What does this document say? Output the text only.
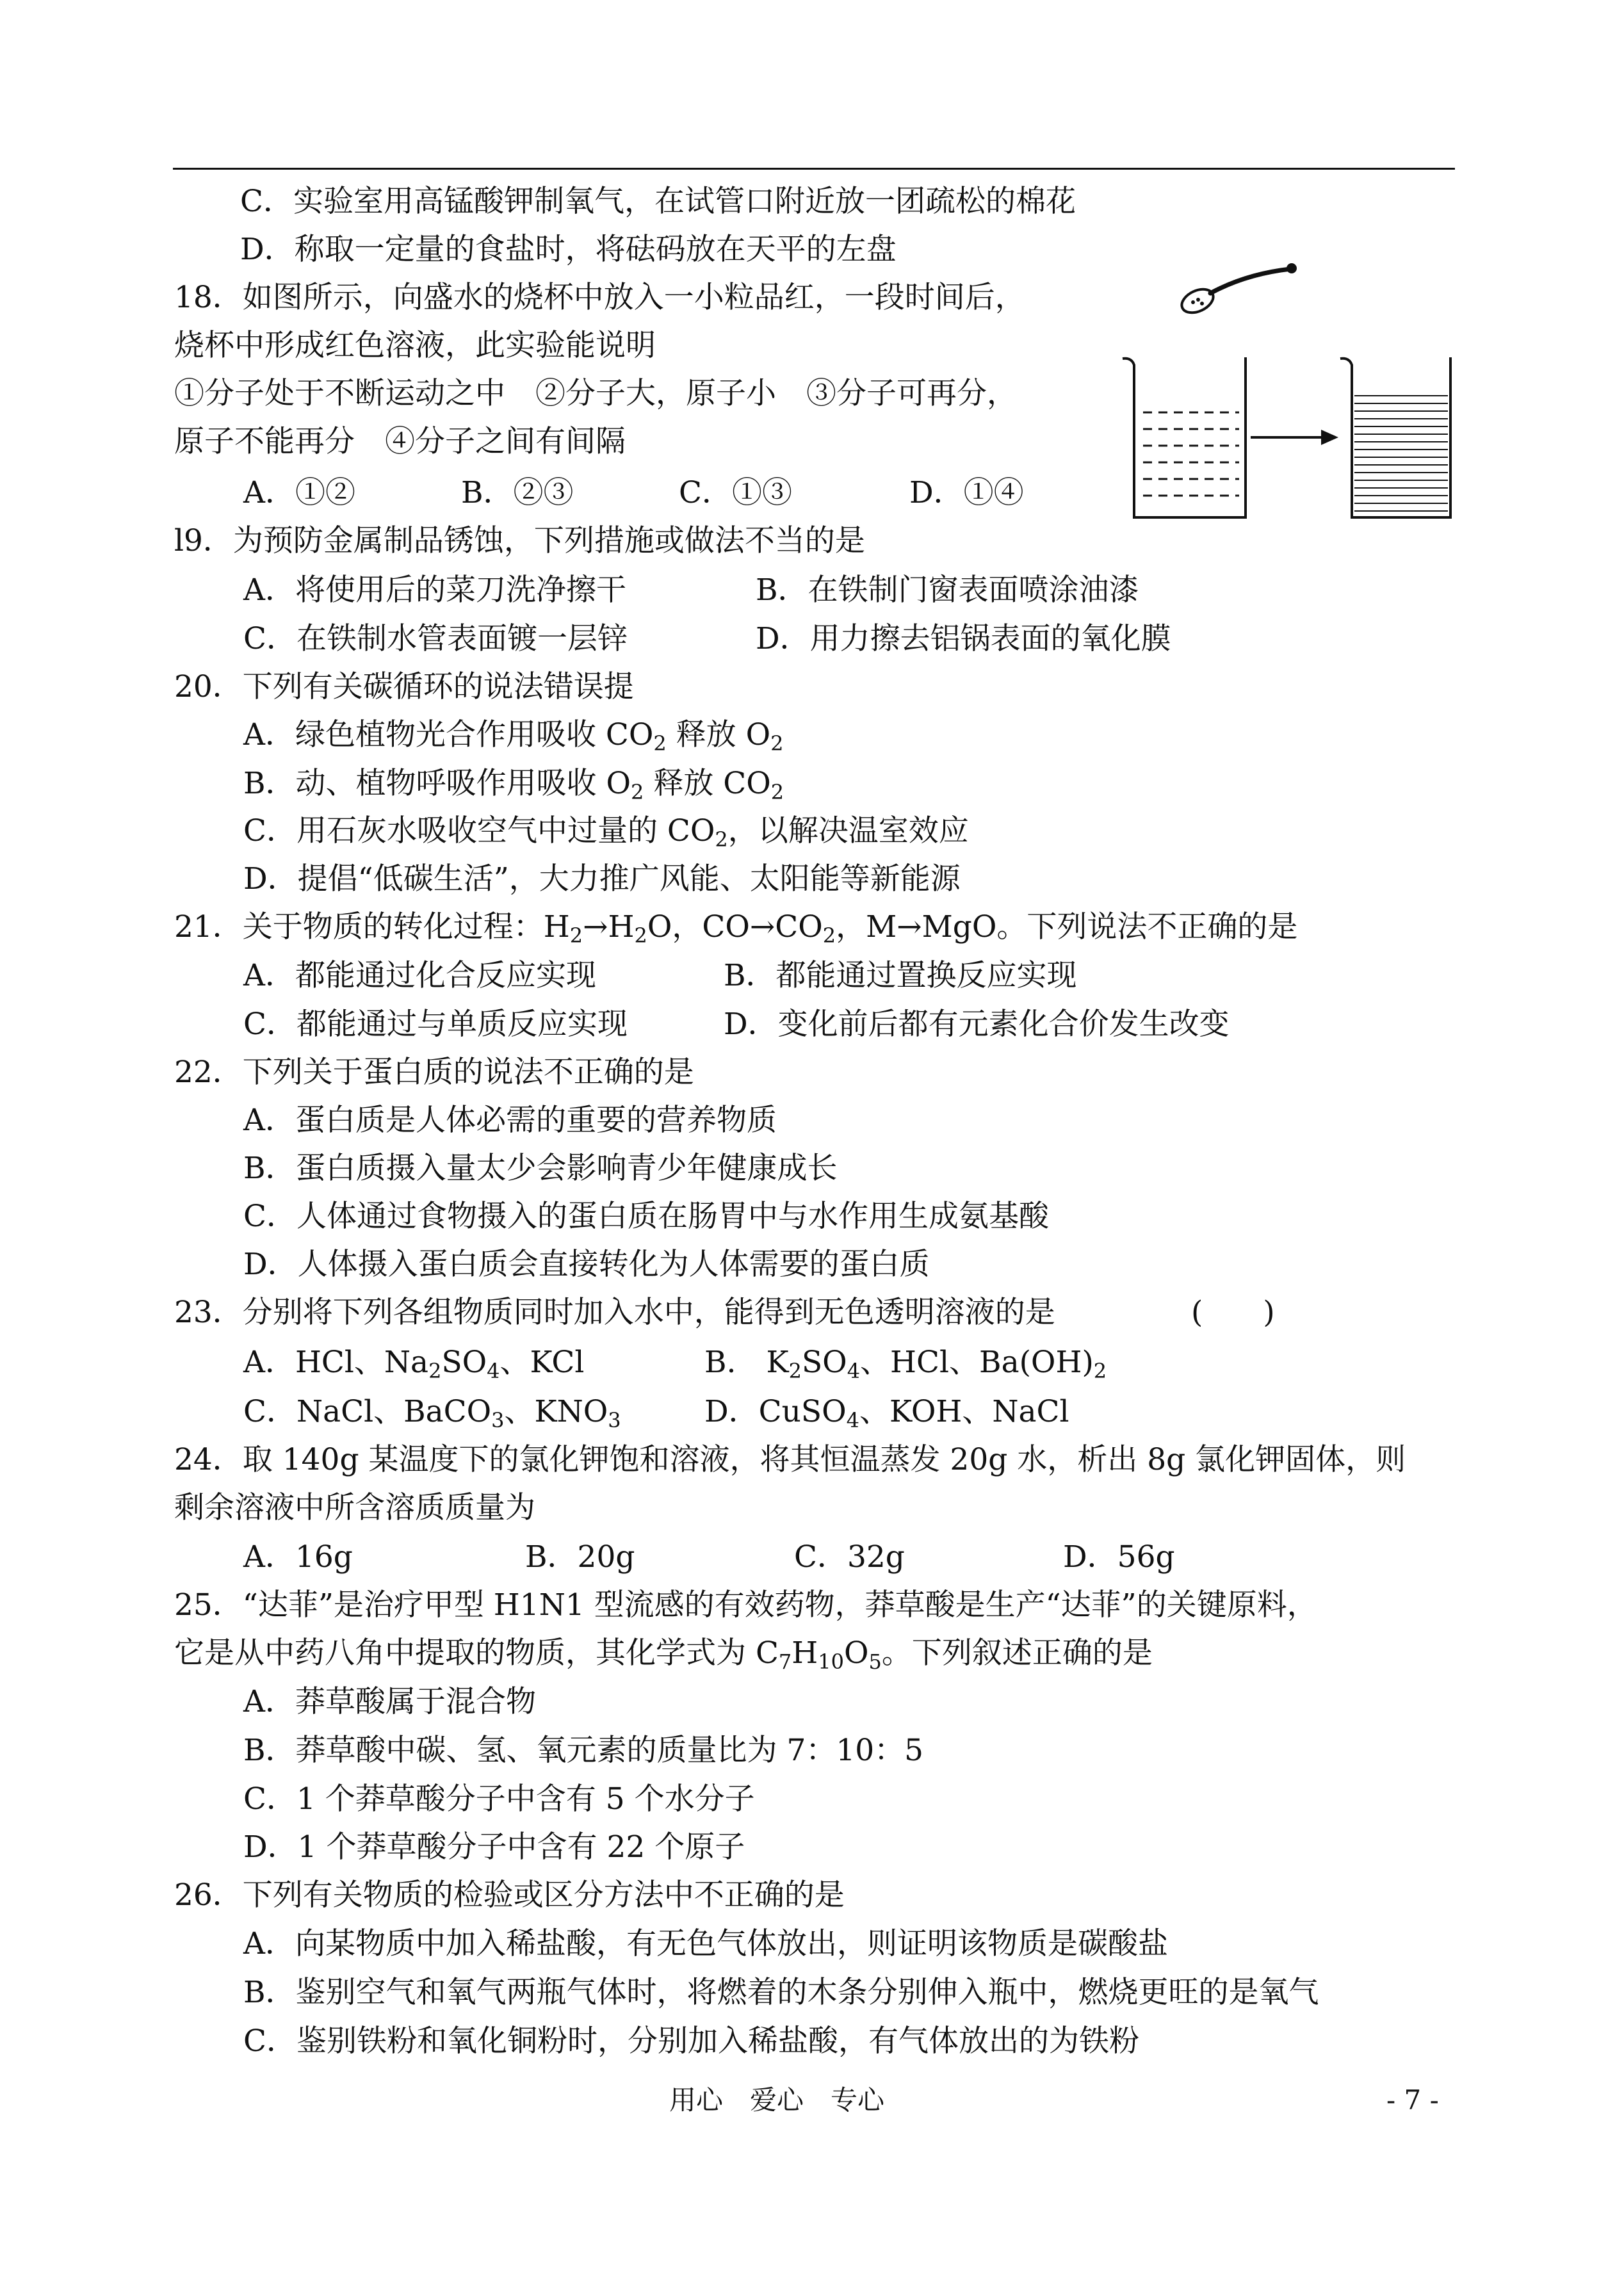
C．实验室用高锰酸钾制氧气，在试管口附近放一团疏松的棉花
D．称取一定量的食盐时，将砝码放在天平的左盘
18．如图所示，向盛水的烧杯中放入一小粒品红，一段时间后，
烧杯中形成红色溶液，此实验能说明
①分子处于不断运动之中　②分子大，原子小　③分子可再分，
原子不能再分　④分子之间有间隔
A．①②	B．②③	C．①③	D．①④
l9．为预防金属制品锈蚀，下列措施或做法不当的是
A．将使用后的菜刀洗净擦干	B．在铁制门窗表面喷涂油漆
C．在铁制水管表面镀一层锌	D．用力擦去铝锅表面的氧化膜
20．下列有关碳循环的说法错误提
A．绿色植物光合作用吸收 $CO_2$ 释放 $O_2$
B．动、植物呼吸作用吸收 $O_2$ 释放 $CO_2$
C．用石灰水吸收空气中过量的 $CO_2$，以解决温室效应
D．提倡“低碳生活”，大力推广风能、太阳能等新能源
21．关于物质的转化过程：$H_2\to H_2O$，$CO\to CO_2$，M→MgO。下列说法不正确的是
A．都能通过化合反应实现	B．都能通过置换反应实现
C．都能通过与单质反应实现	D．变化前后都有元素化合价发生改变
22．下列关于蛋白质的说法不正确的是
A．蛋白质是人体必需的重要的营养物质
B．蛋白质摄入量太少会影响青少年健康成长
C．人体通过食物摄入的蛋白质在肠胃中与水作用生成氨基酸
D．人体摄入蛋白质会直接转化为人体需要的蛋白质
23．分别将下列各组物质同时加入水中，能得到无色透明溶液的是	(　　)
A．HCl、$Na_2SO_4$、KCl	B.　$K_2SO_4$、HCl、$Ba(OH)_2$
C．NaCl、BaCO$_3$、$KNO_3$	D．CuSO$_4$、KOH、NaCl
24．取 140g 某温度下的氯化钾饱和溶液，将其恒温蒸发 20g 水，析出 8g 氯化钾固体，则
剩余溶液中所含溶质质量为
A．16g	B．20g	C．32g	D．56g
25．“达菲”是治疗甲型 H1N1 型流感的有效药物，莽草酸是生产“达菲”的关键原料，
它是从中药八角中提取的物质，其化学式为 $C_7H_{10}O_5$。下列叙述正确的是
A．莽草酸属于混合物
B．莽草酸中碳、氢、氧元素的质量比为 7：10：5
C．1 个莽草酸分子中含有 5 个水分子
D．1 个莽草酸分子中含有 22 个原子
26．下列有关物质的检验或区分方法中不正确的是
A．向某物质中加入稀盐酸，有无色气体放出，则证明该物质是碳酸盐
B．鉴别空气和氧气两瓶气体时，将燃着的木条分别伸入瓶中，燃烧更旺的是氧气
C．鉴别铁粉和氧化铜粉时，分别加入稀盐酸，有气体放出的为铁粉
用心　爱心　专心	- 7 -
